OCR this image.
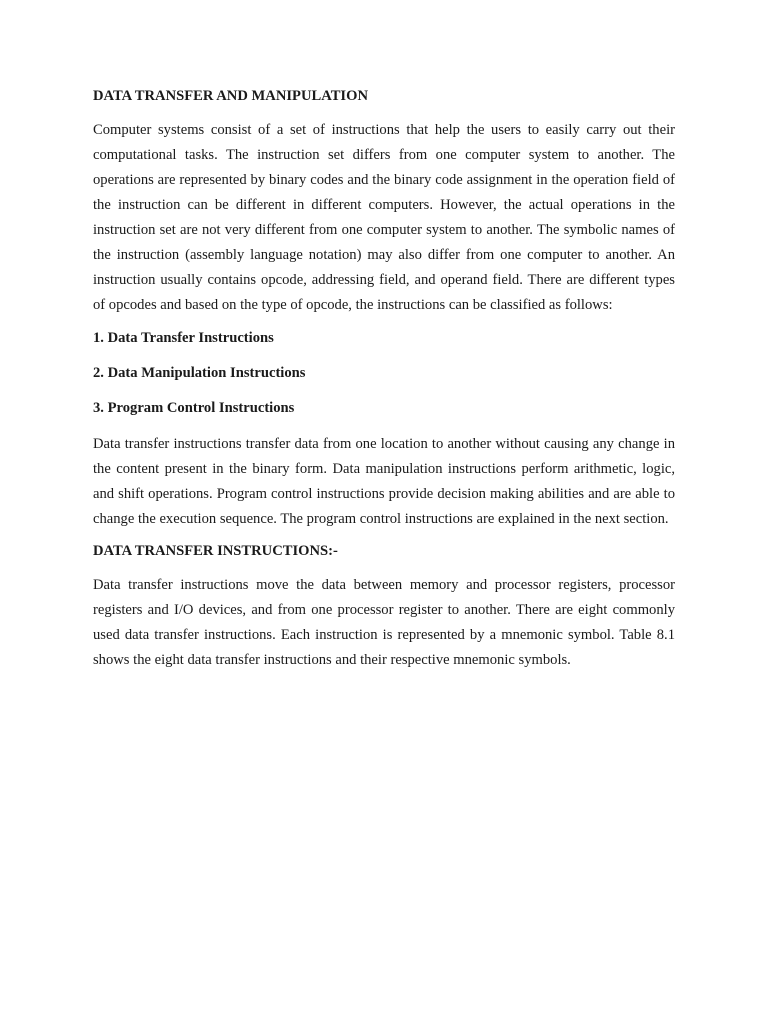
DATA TRANSFER AND MANIPULATION
Computer systems consist of a set of instructions that help the users to easily carry out their computational tasks. The instruction set differs from one computer system to another. The operations are represented by binary codes and the binary code assignment in the operation field of the instruction can be different in different computers. However, the actual operations in the instruction set are not very different from one computer system to another. The symbolic names of the instruction (assembly language notation) may also differ from one computer to another. An instruction usually contains opcode, addressing field, and operand field. There are different types of opcodes and based on the type of opcode, the instructions can be classified as follows:
1. Data Transfer Instructions
2. Data Manipulation Instructions
3. Program Control Instructions
Data transfer instructions transfer data from one location to another without causing any change in the content present in the binary form. Data manipulation instructions perform arithmetic, logic, and shift operations. Program control instructions provide decision making abilities and are able to change the execution sequence. The program control instructions are explained in the next section.
DATA TRANSFER INSTRUCTIONS:-
Data transfer instructions move the data between memory and processor registers, processor registers and I/O devices, and from one processor register to another. There are eight commonly used data transfer instructions. Each instruction is represented by a mnemonic symbol. Table 8.1 shows the eight data transfer instructions and their respective mnemonic symbols.
